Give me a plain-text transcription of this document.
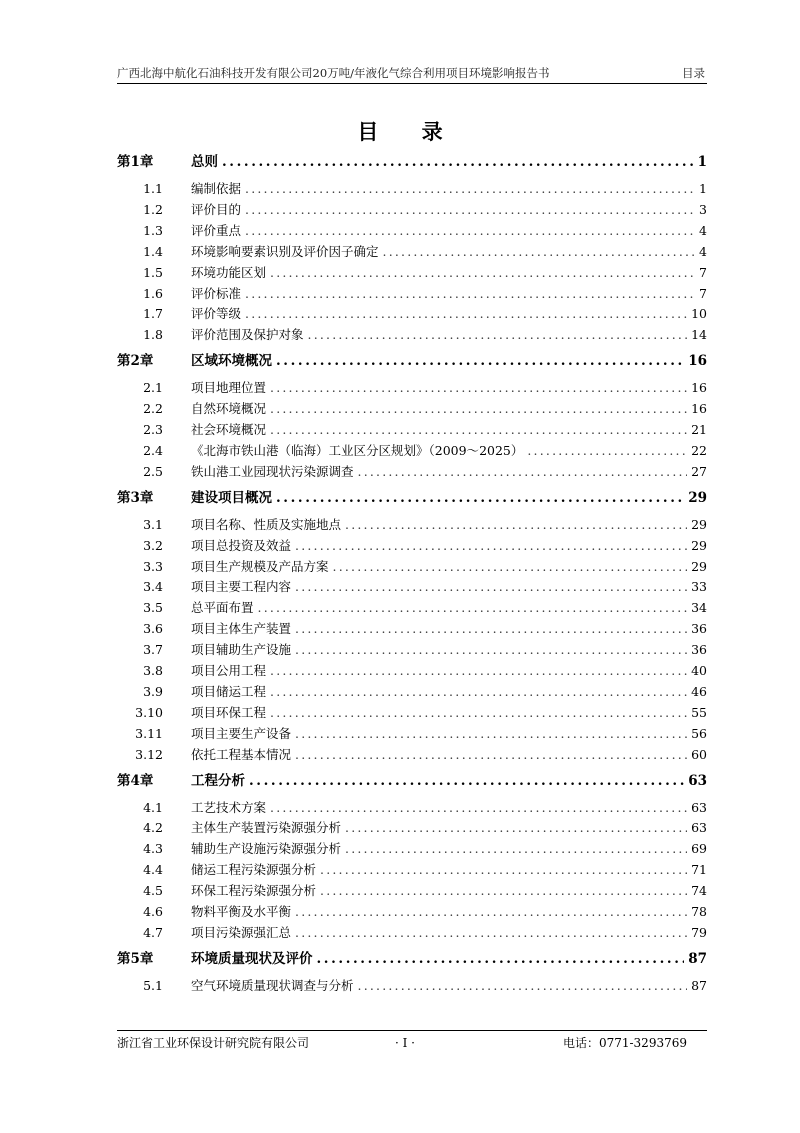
广西北海中航化石油科技开发有限公司20万吨/年液化气综合利用项目环境影响报告书	目录
目 录
第1章	总则 .....	1
1.1 编制依据 .....	1
1.2 评价目的 .....	3
1.3 评价重点 .....	4
1.4 环境影响要素识别及评价因子确定 .....	4
1.5 环境功能区划 .....	7
1.6 评价标准 .....	7
1.7 评价等级 .....	10
1.8 评价范围及保护对象 .....	14
第2章	区域环境概况 .....	16
2.1 项目地理位置 .....	16
2.2 自然环境概况 .....	16
2.3 社会环境概况 .....	21
2.4 《北海市铁山港（临海）工业区分区规划》（2009～2025） .....	22
2.5 铁山港工业园现状污染源调查 .....	27
第3章	建设项目概况 .....	29
3.1 项目名称、性质及实施地点 .....	29
3.2 项目总投资及效益 .....	29
3.3 项目生产规模及产品方案 .....	29
3.4 项目主要工程内容 .....	33
3.5 总平面布置 .....	34
3.6 项目主体生产装置 .....	36
3.7 项目辅助生产设施 .....	36
3.8 项目公用工程 .....	40
3.9 项目储运工程 .....	46
3.10 项目环保工程 .....	55
3.11 项目主要生产设备 .....	56
3.12 依托工程基本情况 .....	60
第4章	工程分析 .....	63
4.1 工艺技术方案 .....	63
4.2 主体生产装置污染源强分析 .....	63
4.3 辅助生产设施污染源强分析 .....	69
4.4 储运工程污染源强分析 .....	71
4.5 环保工程污染源强分析 .....	74
4.6 物料平衡及水平衡 .....	78
4.7 项目污染源强汇总 .....	79
第5章	环境质量现状及评价 .....	87
5.1 空气环境质量现状调查与分析 .....	87
浙江省工业环保设计研究院有限公司	· I ·	电话：0771-3293769
